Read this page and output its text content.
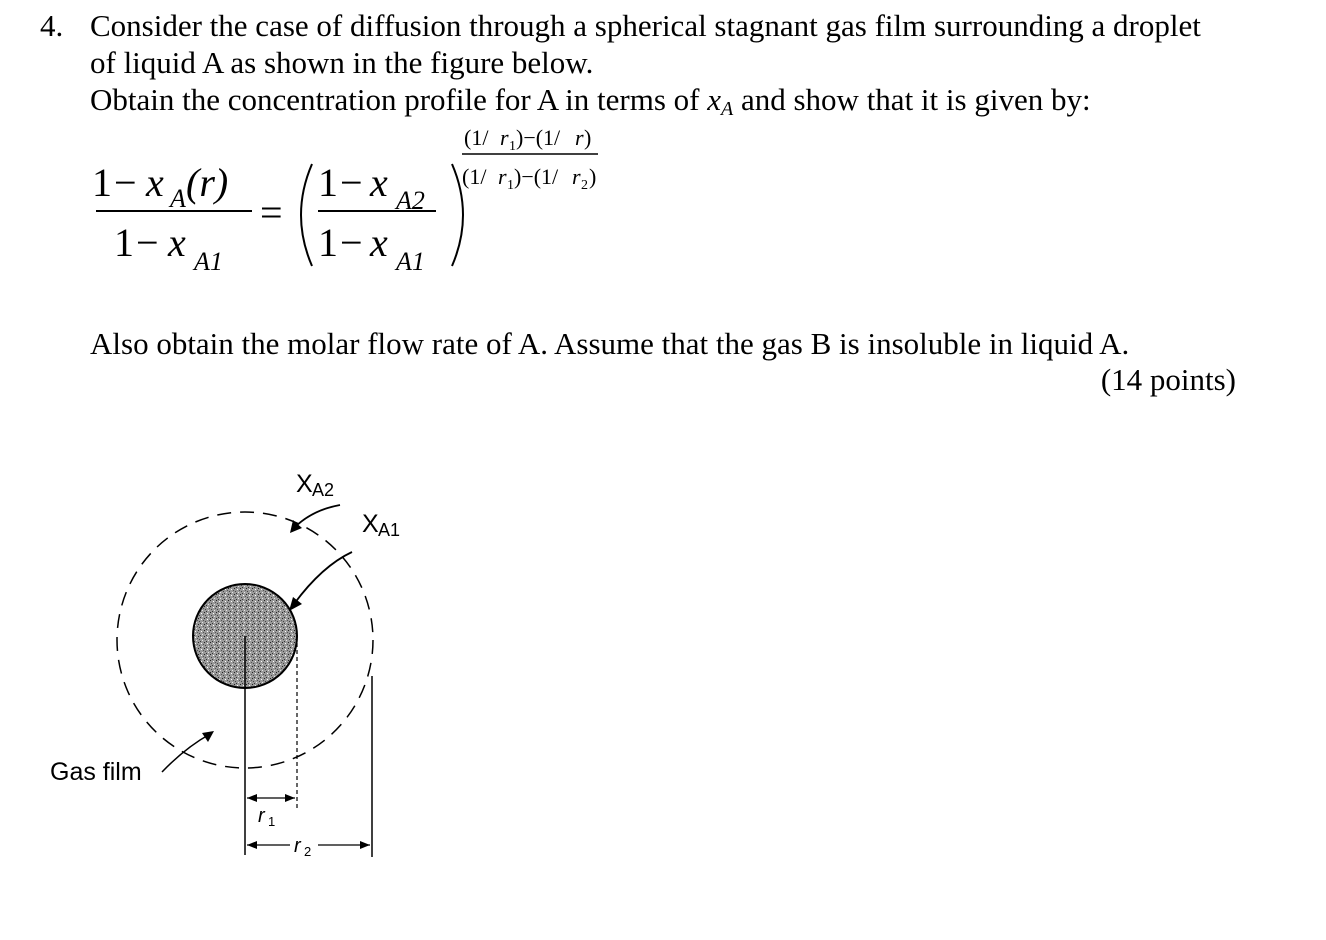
4. Consider the case of diffusion through a spherical stagnant gas film surrounding a droplet
of liquid A as shown in the figure below.
Obtain the concentration profile for A in terms of $x_A$ and show that it is given by:
1 − x A (r)
1 − x A1
=
1 − x A2
1 − x A1
(1/ r 1 )−(1/ r )
(1/ r 1 )−(1/ r 2 )
Also obtain the molar flow rate of A. Assume that the gas B is insoluble in liquid A.
(14 points)
r 1
r 2
X A2
X A1
Gas film
